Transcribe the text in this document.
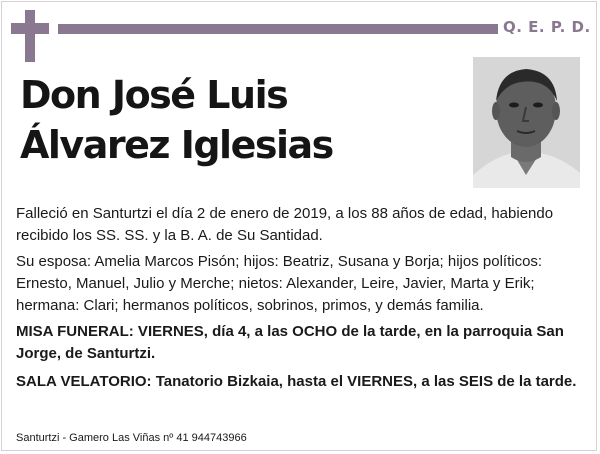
Q. E. P. D.
Don José Luis
Álvarez Iglesias
Falleció en Santurtzi el día 2 de enero de 2019, a los 88 años de edad, habiendo recibido los SS. SS. y la B. A. de Su Santidad.
Su esposa: Amelia Marcos Pisón; hijos: Beatriz, Susana y Borja; hijos políticos: Ernesto, Manuel, Julio y Merche; nietos: Alexander, Leire, Javier, Marta y Erik; hermana: Clari; hermanos políticos, sobrinos, primos, y demás familia.
MISA FUNERAL: VIERNES, día 4, a las OCHO de la tarde, en la parroquia San Jorge, de Santurtzi.
SALA VELATORIO: Tanatorio Bizkaia, hasta el VIERNES, a las SEIS de la tarde.
Santurtzi - Gamero Las Viñas nº 41 944743966
